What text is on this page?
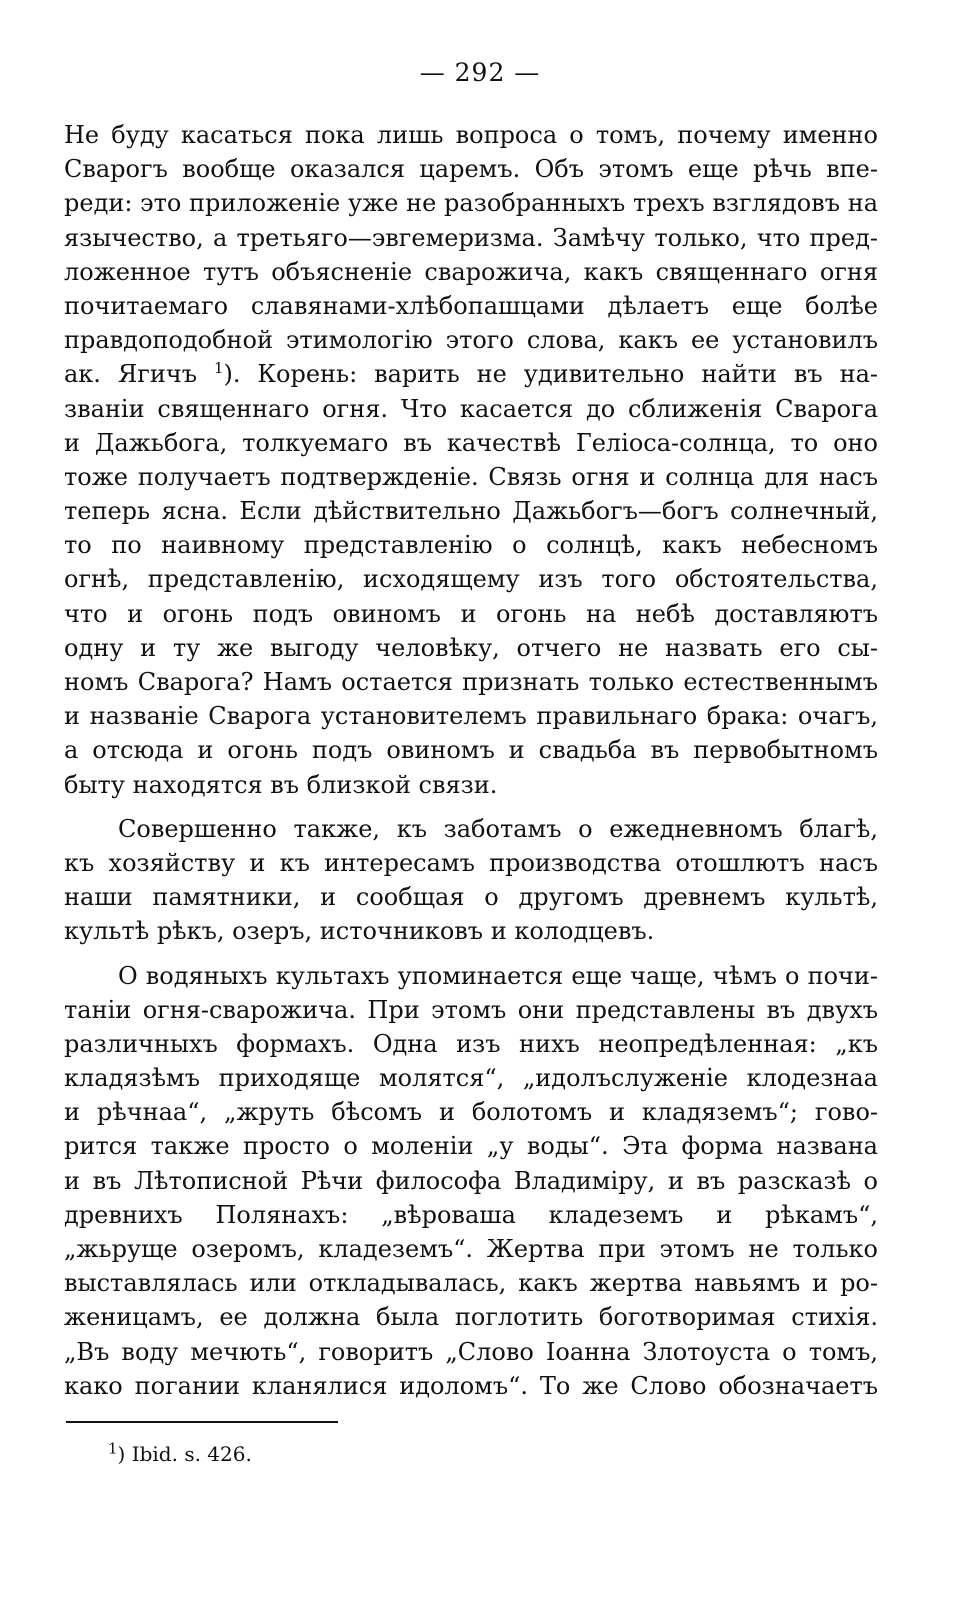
— 292 —
Не буду касаться пока лишь вопроса о томъ, почему именно
Сварогъ вообще оказался царемъ. Объ этомъ еще рѣчь впе-
реди: это приложеніе уже не разобранныхъ трехъ взглядовъ на
язычество, а третьяго—эвгемеризма. Замѣчу только, что пред-
ложенное тутъ объясненіе сварожича, какъ священнаго огня
почитаемаго славянами-хлѣбопашцами дѣлаетъ еще болѣе
правдоподобной этимологію этого слова, какъ ее установилъ
ак. Ягичъ $^1$). Корень: варить не удивительно найти въ на-
званіи священнаго огня. Что касается до сближенія Сварога
и Дажьбога, толкуемаго въ качествѣ Геліоса-солнца, то оно
тоже получаетъ подтвержденіе. Связь огня и солнца для насъ
теперь ясна. Если дѣйствительно Дажьбогъ—богъ солнечный,
то по наивному представленію о солнцѣ, какъ небесномъ
огнѣ, представленію, исходящему изъ того обстоятельства,
что и огонь подъ овиномъ и огонь на небѣ доставляютъ
одну и ту же выгоду человѣку, отчего не назвать его сы-
номъ Сварога? Намъ остается признать только естественнымъ
и названіе Сварога установителемъ правильнаго брака: очагъ,
а отсюда и огонь подъ овиномъ и свадьба въ первобытномъ
быту находятся въ близкой связи.
Совершенно также, къ заботамъ о ежедневномъ благѣ,
къ хозяйству и къ интересамъ производства отошлютъ насъ
наши памятники, и сообщая о другомъ древнемъ культѣ,
культѣ рѣкъ, озеръ, источниковъ и колодцевъ.
О водяныхъ культахъ упоминается еще чаще, чѣмъ о почи-
таніи огня-сварожича. При этомъ они представлены въ двухъ
различныхъ формахъ. Одна изъ нихъ неопредѣленная: „къ
кладязѣмъ приходяще молятся“, „идолъслуженіе клодезнаа
и рѣчнаа“, „жруть бѣсомъ и болотомъ и кладяземъ“; гово-
рится также просто о моленіи „у воды“. Эта форма названа
и въ Лѣтописной Рѣчи философа Владиміру, и въ разсказѣ о
древнихъ Полянахъ: „вѣроваша кладеземъ и рѣкамъ“,
„жьруще озеромъ, кладеземъ“. Жертва при этомъ не только
выставлялась или откладывалась, какъ жертва навьямъ и ро-
женицамъ, ее должна была поглотить боготворимая стихія.
„Въ воду мечють“, говоритъ „Слово Іоанна Злотоуста о томъ,
како погании кланялися идоломъ“. То же Слово обозначаетъ
$^1$) Ibid. s. 426.
